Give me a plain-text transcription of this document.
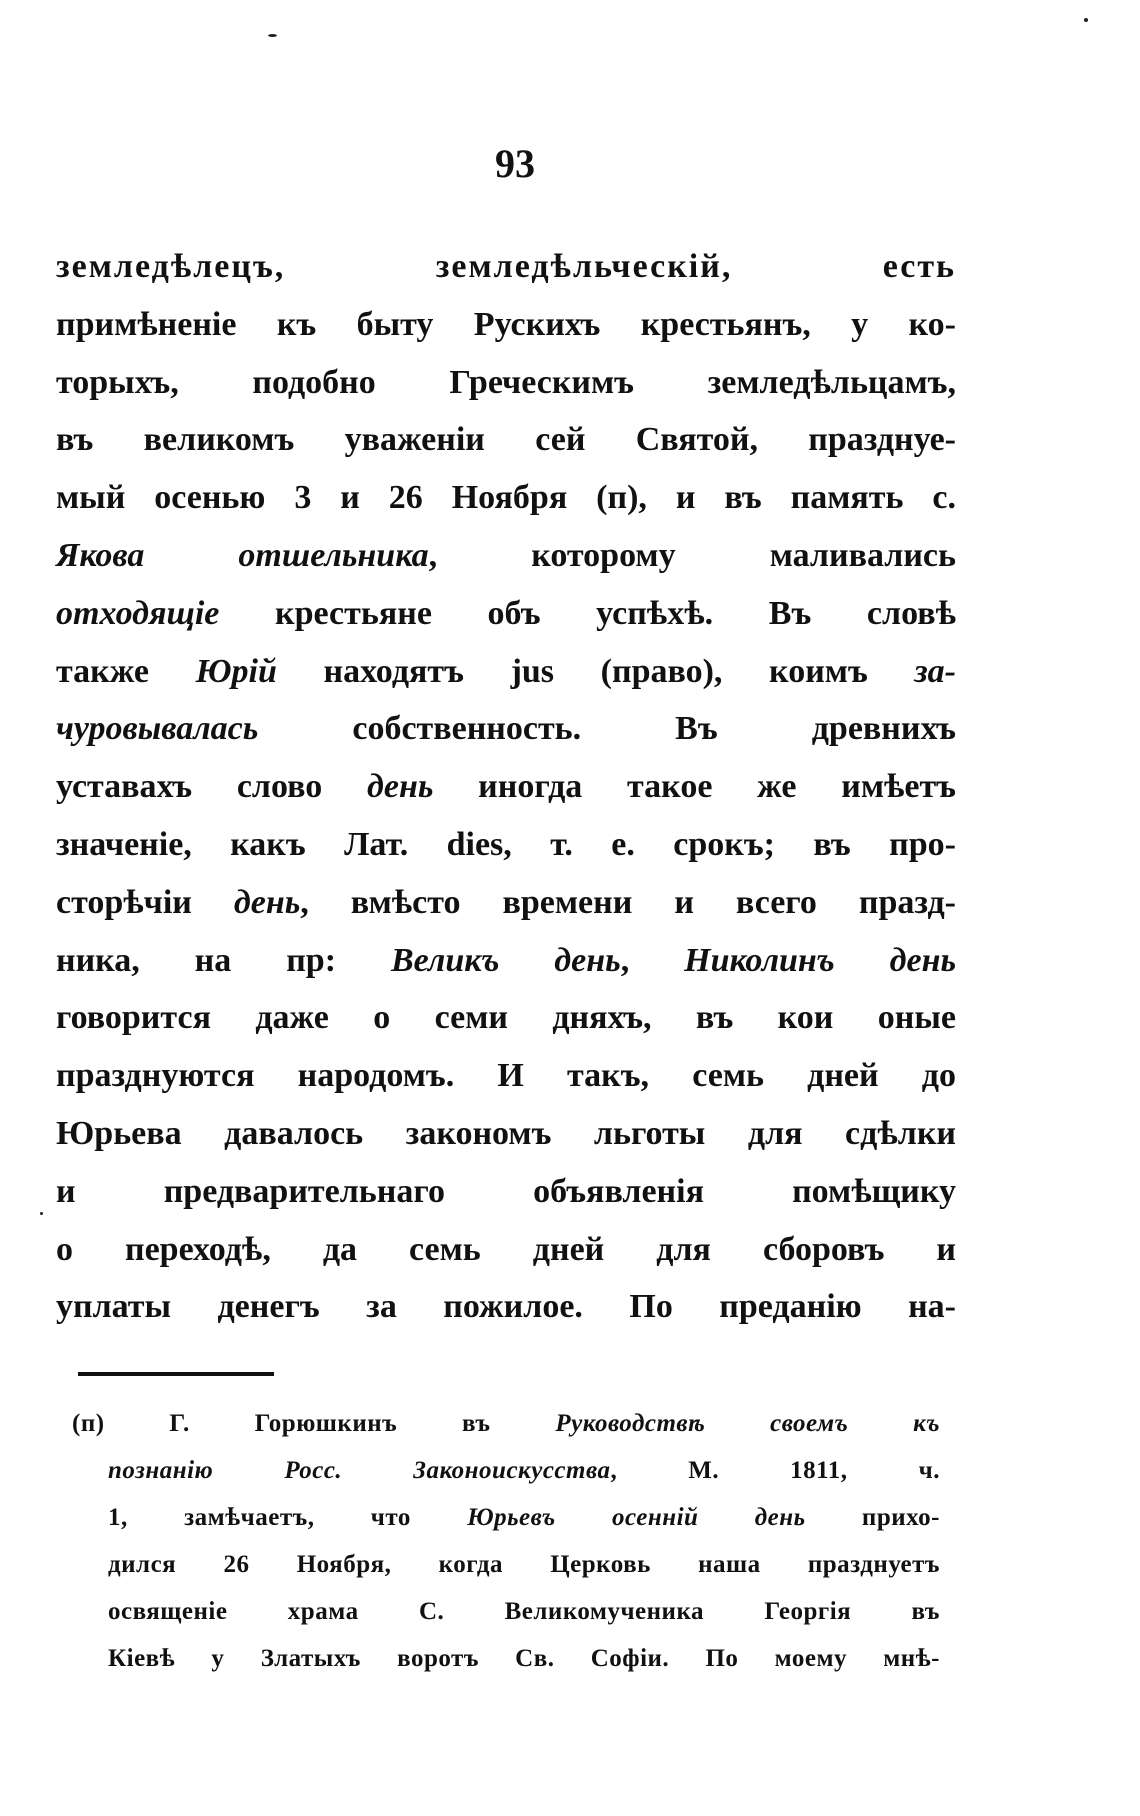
93
земледѣлецъ, земледѣльческій, есть
примѣненіе къ быту Рускихъ крестьянъ, у ко-
торыхъ, подобно Греческимъ земледѣльцамъ,
въ великомъ уваженіи сей Святой, празднуе-
мый осенью 3 и 26 Ноября (п), и въ память с.
Якова отшельника, которому маливались
отходящіе крестьяне объ успѣхѣ. Въ словѣ
также Юрій находятъ jus (право), коимъ за-
чуровывалась собственность. Въ древнихъ
уставахъ слово день иногда такое же имѣетъ
значеніе, какъ Лат. dies, т. е. срокъ; въ про-
сторѣчіи день, вмѣсто времени и всего празд-
ника, на пр: Великъ день, Николинъ день
говорится даже о семи дняхъ, въ кои оные
празднуются народомъ. И такъ, семь дней до
Юрьева давалось закономъ льготы для сдѣлки
и предварительнаго объявленія помѣщику
о переходѣ, да семь дней для сборовъ и
уплаты денегъ за пожилое. По преданію на-
(п) Г. Горюшкинъ въ Руководствѣ своемъ къ
познанію Росс. Законоискусства, М. 1811, ч.
1, замѣчаетъ, что Юрьевъ осенній день прихо-
дился 26 Ноября, когда Церковь наша празднуетъ
освященіе храма С. Великомученика Георгія въ
Кіевѣ у Златыхъ воротъ Св. Софіи. По моему мнѣ-
